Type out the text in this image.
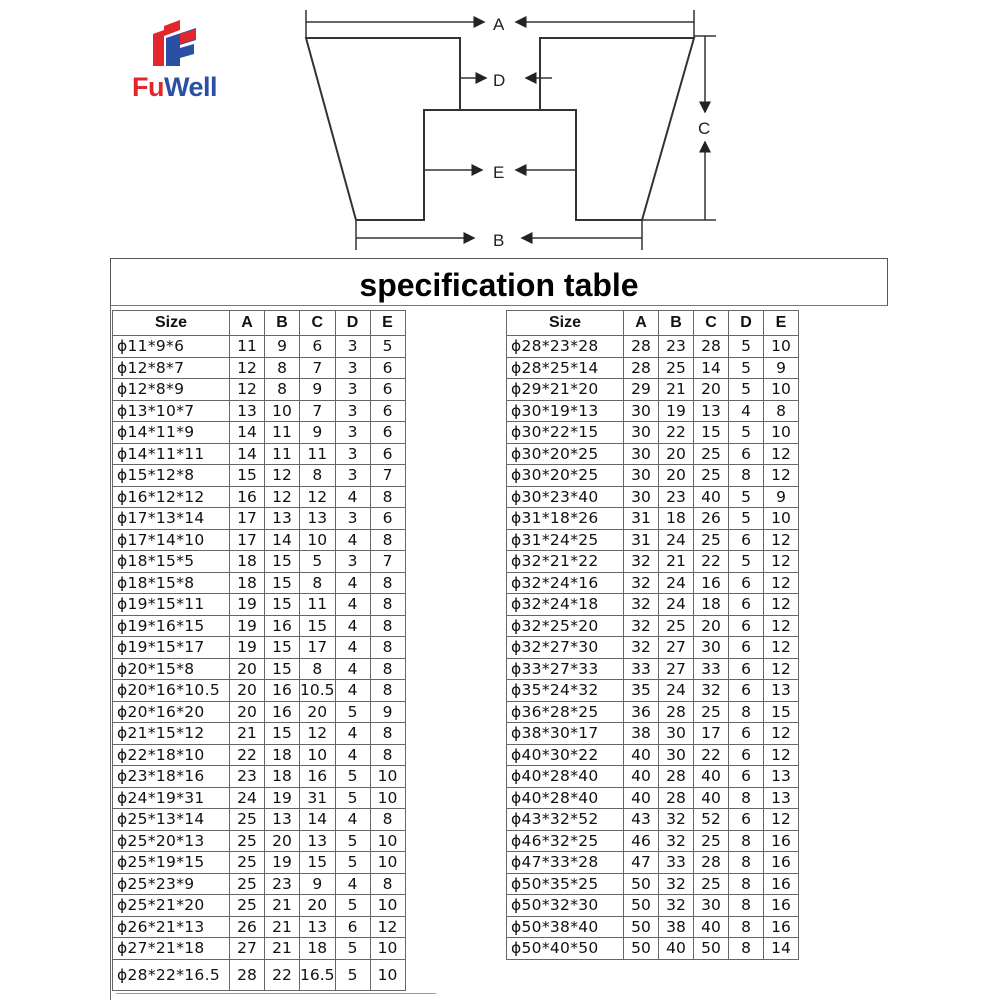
FuWell
A
D
E
C
B
specification table
Size	A	B	C	D	E
ϕ11*9*6	11	9	6	3	5
ϕ12*8*7	12	8	7	3	6
ϕ12*8*9	12	8	9	3	6
ϕ13*10*7	13	10	7	3	6
ϕ14*11*9	14	11	9	3	6
ϕ14*11*11	14	11	11	3	6
ϕ15*12*8	15	12	8	3	7
ϕ16*12*12	16	12	12	4	8
ϕ17*13*14	17	13	13	3	6
ϕ17*14*10	17	14	10	4	8
ϕ18*15*5	18	15	5	3	7
ϕ18*15*8	18	15	8	4	8
ϕ19*15*11	19	15	11	4	8
ϕ19*16*15	19	16	15	4	8
ϕ19*15*17	19	15	17	4	8
ϕ20*15*8	20	15	8	4	8
ϕ20*16*10.5	20	16	10.5	4	8
ϕ20*16*20	20	16	20	5	9
ϕ21*15*12	21	15	12	4	8
ϕ22*18*10	22	18	10	4	8
ϕ23*18*16	23	18	16	5	10
ϕ24*19*31	24	19	31	5	10
ϕ25*13*14	25	13	14	4	8
ϕ25*20*13	25	20	13	5	10
ϕ25*19*15	25	19	15	5	10
ϕ25*23*9	25	23	9	4	8
ϕ25*21*20	25	21	20	5	10
ϕ26*21*13	26	21	13	6	12
ϕ27*21*18	27	21	18	5	10
ϕ28*22*16.5	28	22	16.5	5	10
Size	A	B	C	D	E
ϕ28*23*28	28	23	28	5	10
ϕ28*25*14	28	25	14	5	9
ϕ29*21*20	29	21	20	5	10
ϕ30*19*13	30	19	13	4	8
ϕ30*22*15	30	22	15	5	10
ϕ30*20*25	30	20	25	6	12
ϕ30*20*25	30	20	25	8	12
ϕ30*23*40	30	23	40	5	9
ϕ31*18*26	31	18	26	5	10
ϕ31*24*25	31	24	25	6	12
ϕ32*21*22	32	21	22	5	12
ϕ32*24*16	32	24	16	6	12
ϕ32*24*18	32	24	18	6	12
ϕ32*25*20	32	25	20	6	12
ϕ32*27*30	32	27	30	6	12
ϕ33*27*33	33	27	33	6	12
ϕ35*24*32	35	24	32	6	13
ϕ36*28*25	36	28	25	8	15
ϕ38*30*17	38	30	17	6	12
ϕ40*30*22	40	30	22	6	12
ϕ40*28*40	40	28	40	6	13
ϕ40*28*40	40	28	40	8	13
ϕ43*32*52	43	32	52	6	12
ϕ46*32*25	46	32	25	8	16
ϕ47*33*28	47	33	28	8	16
ϕ50*35*25	50	32	25	8	16
ϕ50*32*30	50	32	30	8	16
ϕ50*38*40	50	38	40	8	16
ϕ50*40*50	50	40	50	8	14
